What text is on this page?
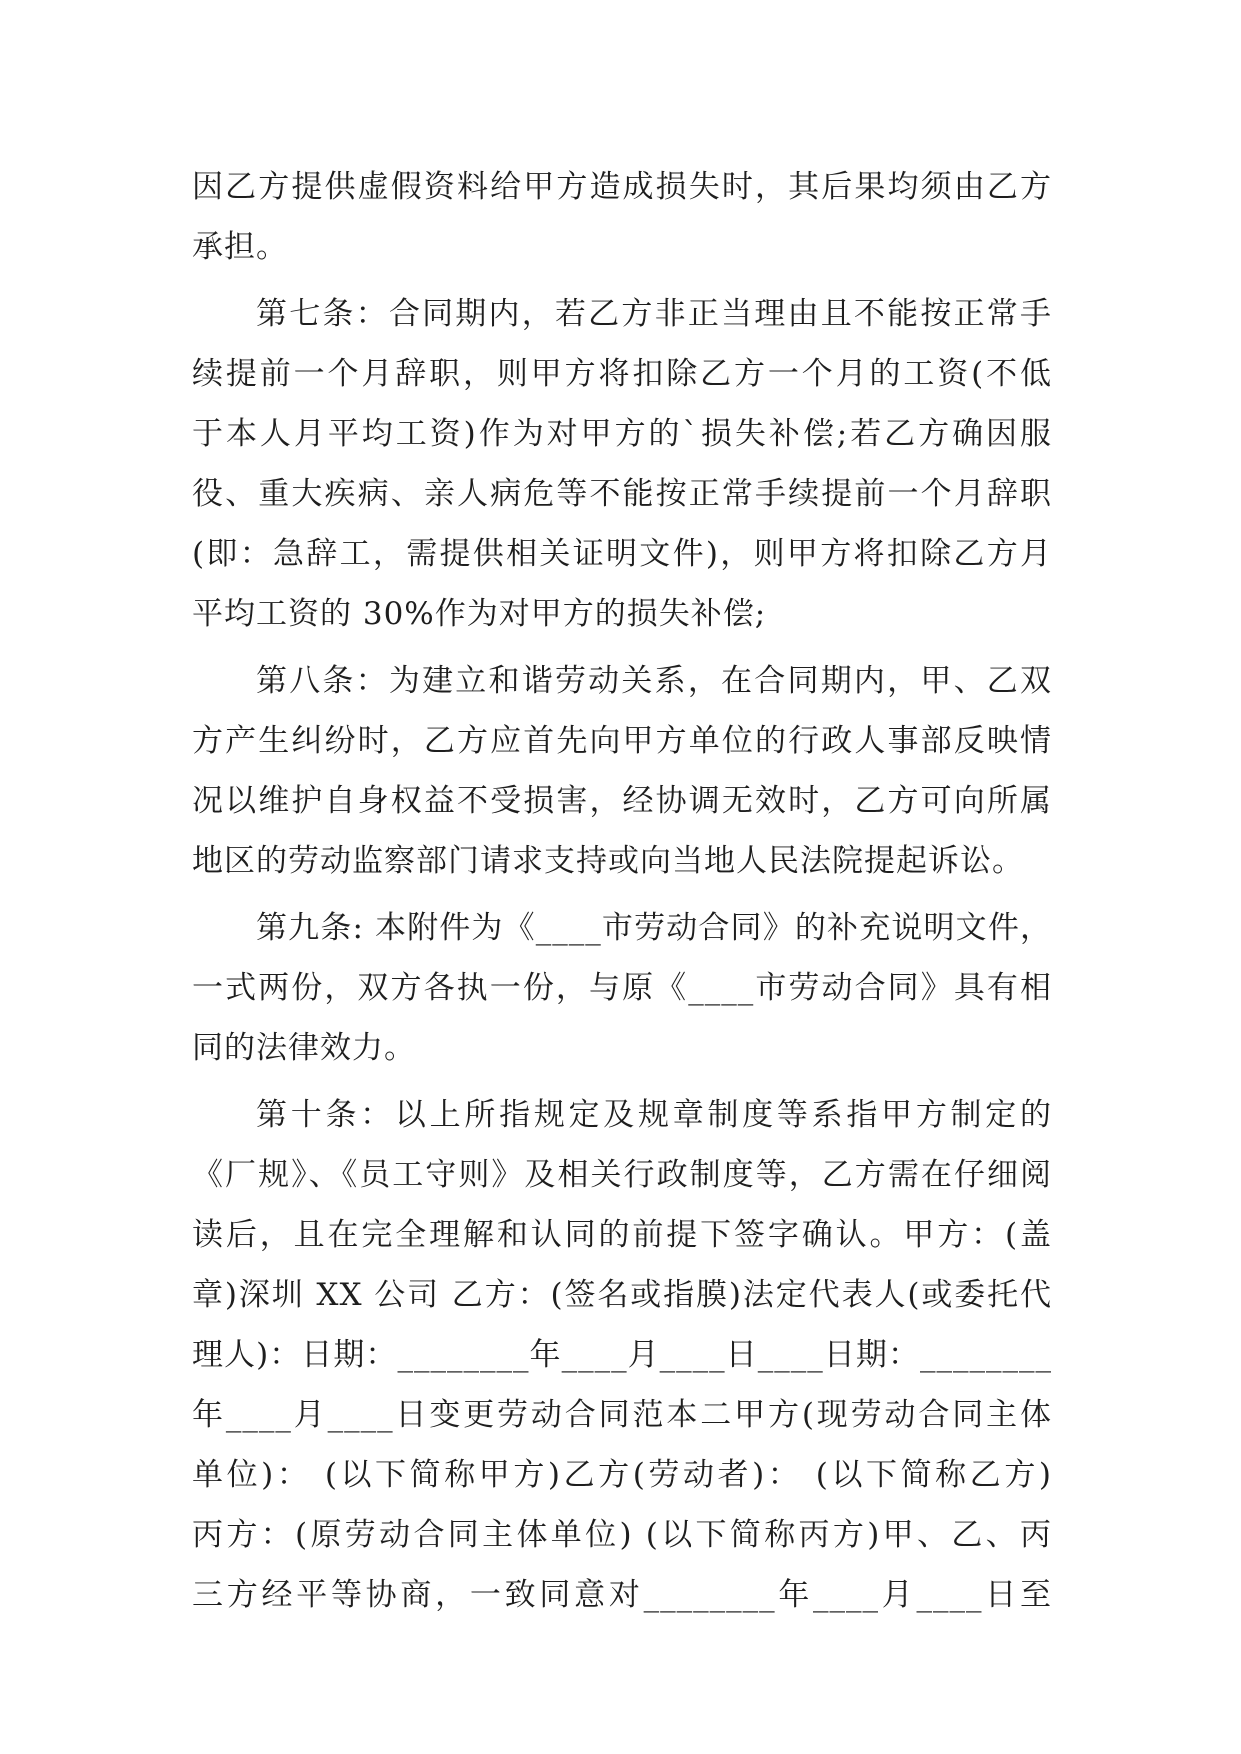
因乙方提供虚假资料给甲方造成损失时，其后果均须由乙方
承担。
第七条：合同期内，若乙方非正当理由且不能按正常手
续提前一个月辞职，则甲方将扣除乙方一个月的工资(不低
于本人月平均工资)作为对甲方的`损失补偿;若乙方确因服
役、重大疾病、亲人病危等不能按正常手续提前一个月辞职
(即：急辞工，需提供相关证明文件)，则甲方将扣除乙方月
平均工资的 30%作为对甲方的损失补偿;
第八条：为建立和谐劳动关系，在合同期内，甲、乙双
方产生纠纷时，乙方应首先向甲方单位的行政人事部反映情
况以维护自身权益不受损害，经协调无效时，乙方可向所属
地区的劳动监察部门请求支持或向当地人民法院提起诉讼。
第九条: 本附件为《____市劳动合同》的补充说明文件，
一式两份，双方各执一份，与原《____市劳动合同》具有相
同的法律效力。
第十条：以上所指规定及规章制度等系指甲方制定的
《厂规》、《员工守则》及相关行政制度等，乙方需在仔细阅
读后，且在完全理解和认同的前提下签字确认。甲方：(盖
章)深圳 XX 公司 乙方：(签名或指膜)法定代表人(或委托代
理人)：日期：________年____月____日____日期：________
年____月____日变更劳动合同范本二甲方(现劳动合同主体
单位)： (以下简称甲方)乙方(劳动者)： (以下简称乙方)
丙方：(原劳动合同主体单位) (以下简称丙方)甲、乙、丙
三方经平等协商，一致同意对________年____月____日至
